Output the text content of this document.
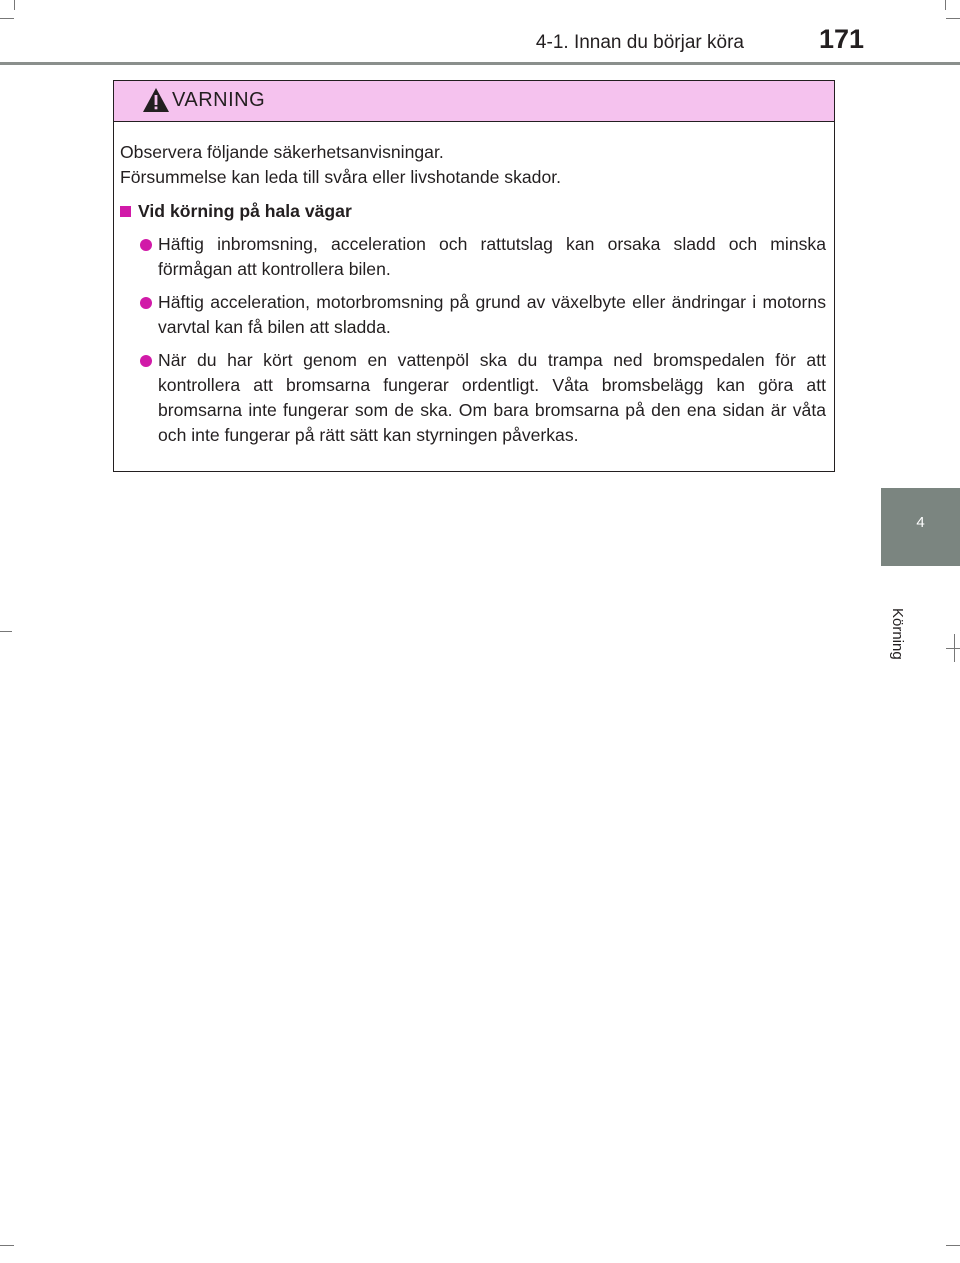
4-1. Innan du börjar köra	171
4
Körning
VARNING

Observera följande säkerhetsanvisningar.

Försummelse kan leda till svåra eller livshotande skador.

Vid körning på hala vägar
Häftig inbromsning, acceleration och rattutslag kan orsaka sladd och minska förmågan att kontrollera bilen.
Häftig acceleration, motorbromsning på grund av växelbyte eller ändringar i motorns varvtal kan få bilen att sladda.
När du har kört genom en vattenpöl ska du trampa ned bromspedalen för att kontrollera att bromsarna fungerar ordentligt. Våta bromsbelägg kan göra att bromsarna inte fungerar som de ska. Om bara bromsarna på den ena sidan är våta och inte fungerar på rätt sätt kan styrningen påverkas.
